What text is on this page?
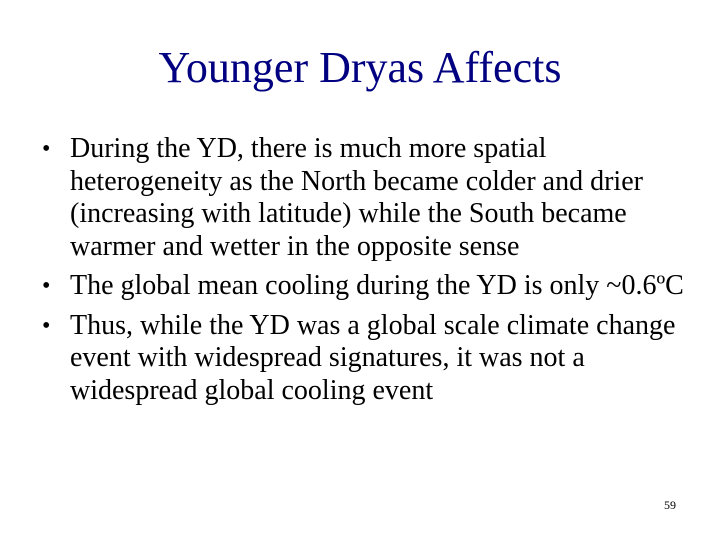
Younger Dryas Affects
• During the YD, there is much more spatial heterogeneity as the North became colder and drier (increasing with latitude) while the South became warmer and wetter in the opposite sense
• The global mean cooling during the YD is only ~0.6ºC
• Thus, while the YD was a global scale climate change event with widespread signatures, it was not a widespread global cooling event
59
